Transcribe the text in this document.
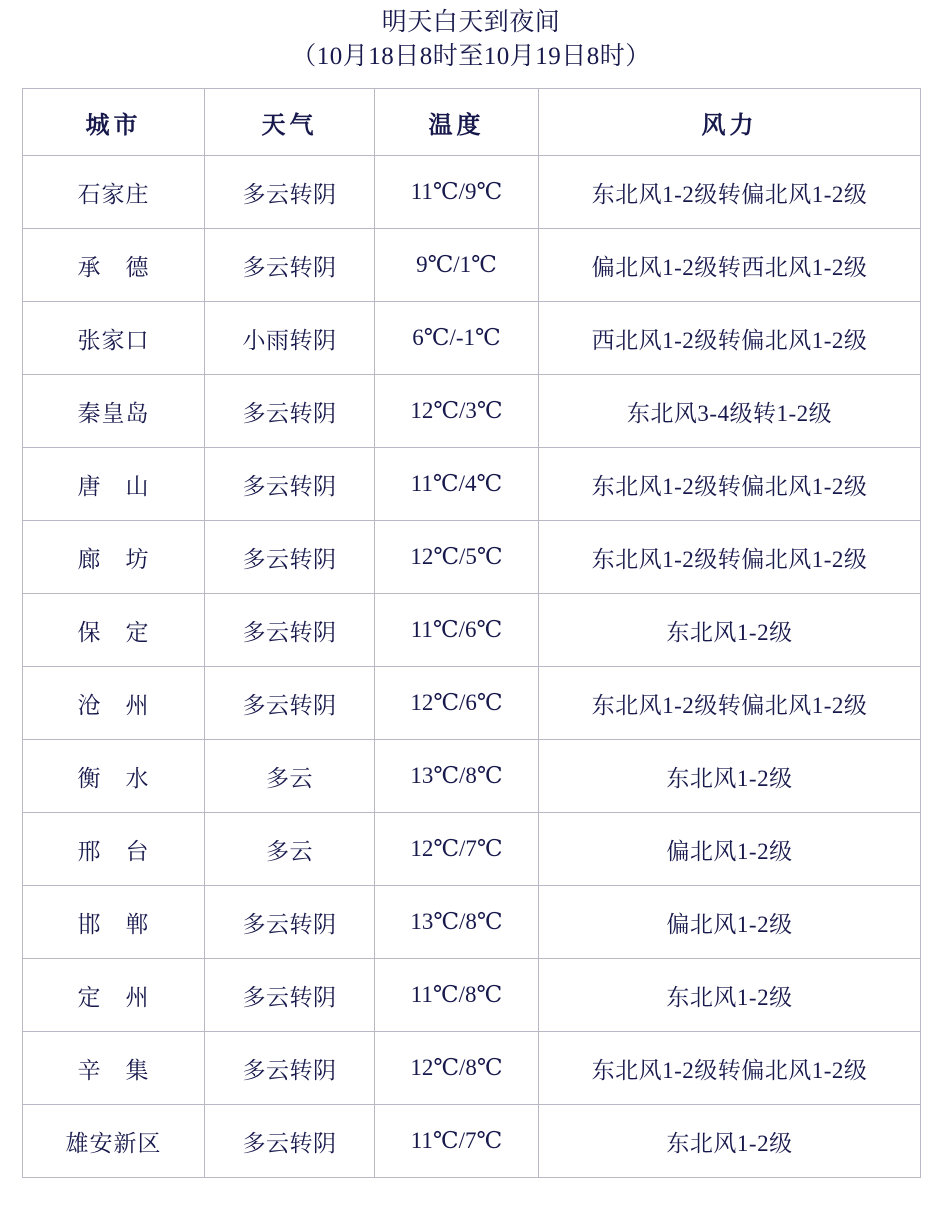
明天白天到夜间
（10月18日8时至10月19日8时）
城市	天气	温度	风力
石家庄	多云转阴	11℃/9℃	东北风1-2级转偏北风1-2级
承　德	多云转阴	9℃/1℃	偏北风1-2级转西北风1-2级
张家口	小雨转阴	6℃/-1℃	西北风1-2级转偏北风1-2级
秦皇岛	多云转阴	12℃/3℃	东北风3-4级转1-2级
唐　山	多云转阴	11℃/4℃	东北风1-2级转偏北风1-2级
廊　坊	多云转阴	12℃/5℃	东北风1-2级转偏北风1-2级
保　定	多云转阴	11℃/6℃	东北风1-2级
沧　州	多云转阴	12℃/6℃	东北风1-2级转偏北风1-2级
衡　水	多云	13℃/8℃	东北风1-2级
邢　台	多云	12℃/7℃	偏北风1-2级
邯　郸	多云转阴	13℃/8℃	偏北风1-2级
定　州	多云转阴	11℃/8℃	东北风1-2级
辛　集	多云转阴	12℃/8℃	东北风1-2级转偏北风1-2级
雄安新区	多云转阴	11℃/7℃	东北风1-2级
